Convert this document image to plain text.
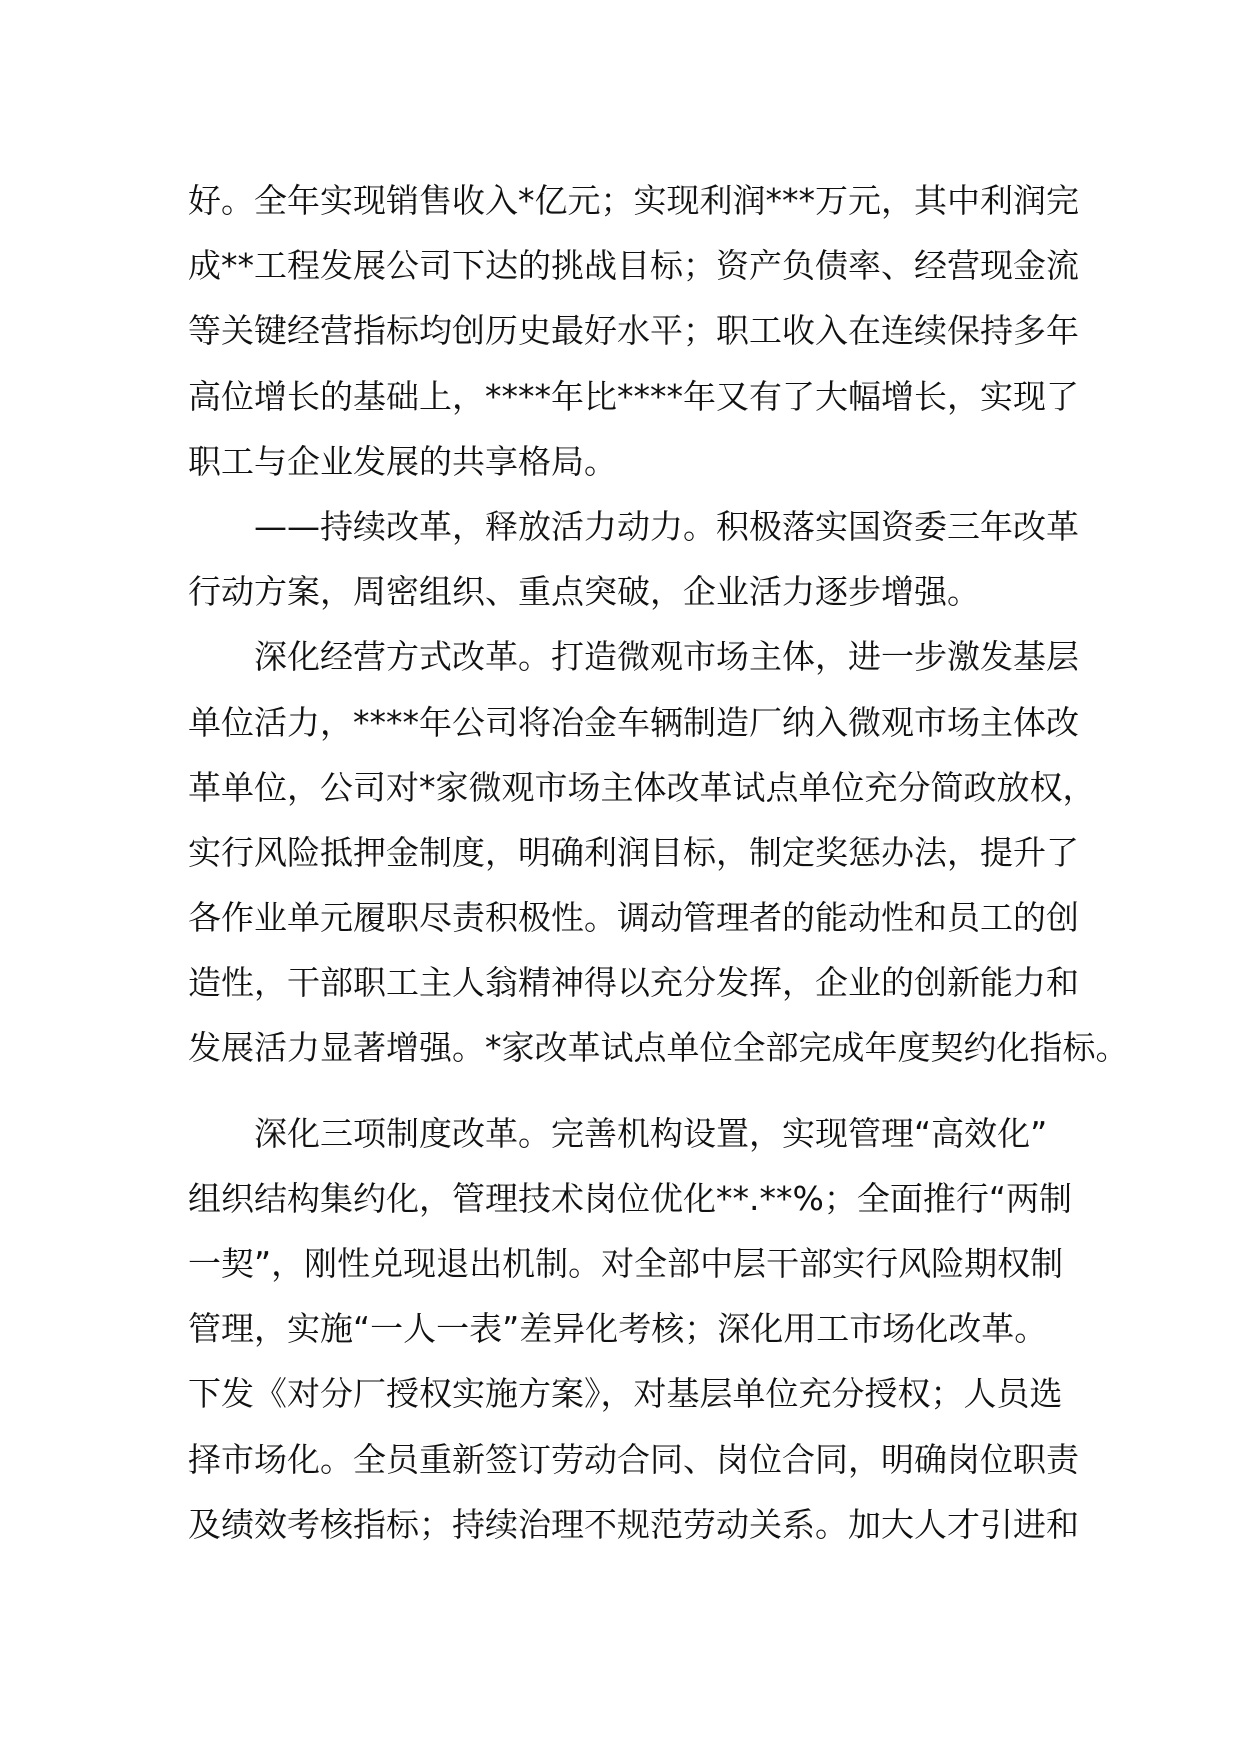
好。全年实现销售收入*亿元；实现利润***万元，其中利润完
成**工程发展公司下达的挑战目标；资产负债率、经营现金流
等关键经营指标均创历史最好水平；职工收入在连续保持多年
高位增长的基础上，****年比****年又有了大幅增长，实现了
职工与企业发展的共享格局。
——持续改革，释放活力动力。积极落实国资委三年改革
行动方案，周密组织、重点突破，企业活力逐步增强。
深化经营方式改革。打造微观市场主体，进一步激发基层
单位活力，****年公司将冶金车辆制造厂纳入微观市场主体改
革单位，公司对*家微观市场主体改革试点单位充分简政放权，
实行风险抵押金制度，明确利润目标，制定奖惩办法，提升了
各作业单元履职尽责积极性。调动管理者的能动性和员工的创
造性，干部职工主人翁精神得以充分发挥，企业的创新能力和
发展活力显著增强。*家改革试点单位全部完成年度契约化指标。
深化三项制度改革。完善机构设置，实现管理“高效化”
组织结构集约化，管理技术岗位优化**.**%；全面推行“两制
一契”，刚性兑现退出机制。对全部中层干部实行风险期权制
管理，实施“一人一表”差异化考核；深化用工市场化改革。
下发《对分厂授权实施方案》，对基层单位充分授权；人员选
择市场化。全员重新签订劳动合同、岗位合同，明确岗位职责
及绩效考核指标；持续治理不规范劳动关系。加大人才引进和
